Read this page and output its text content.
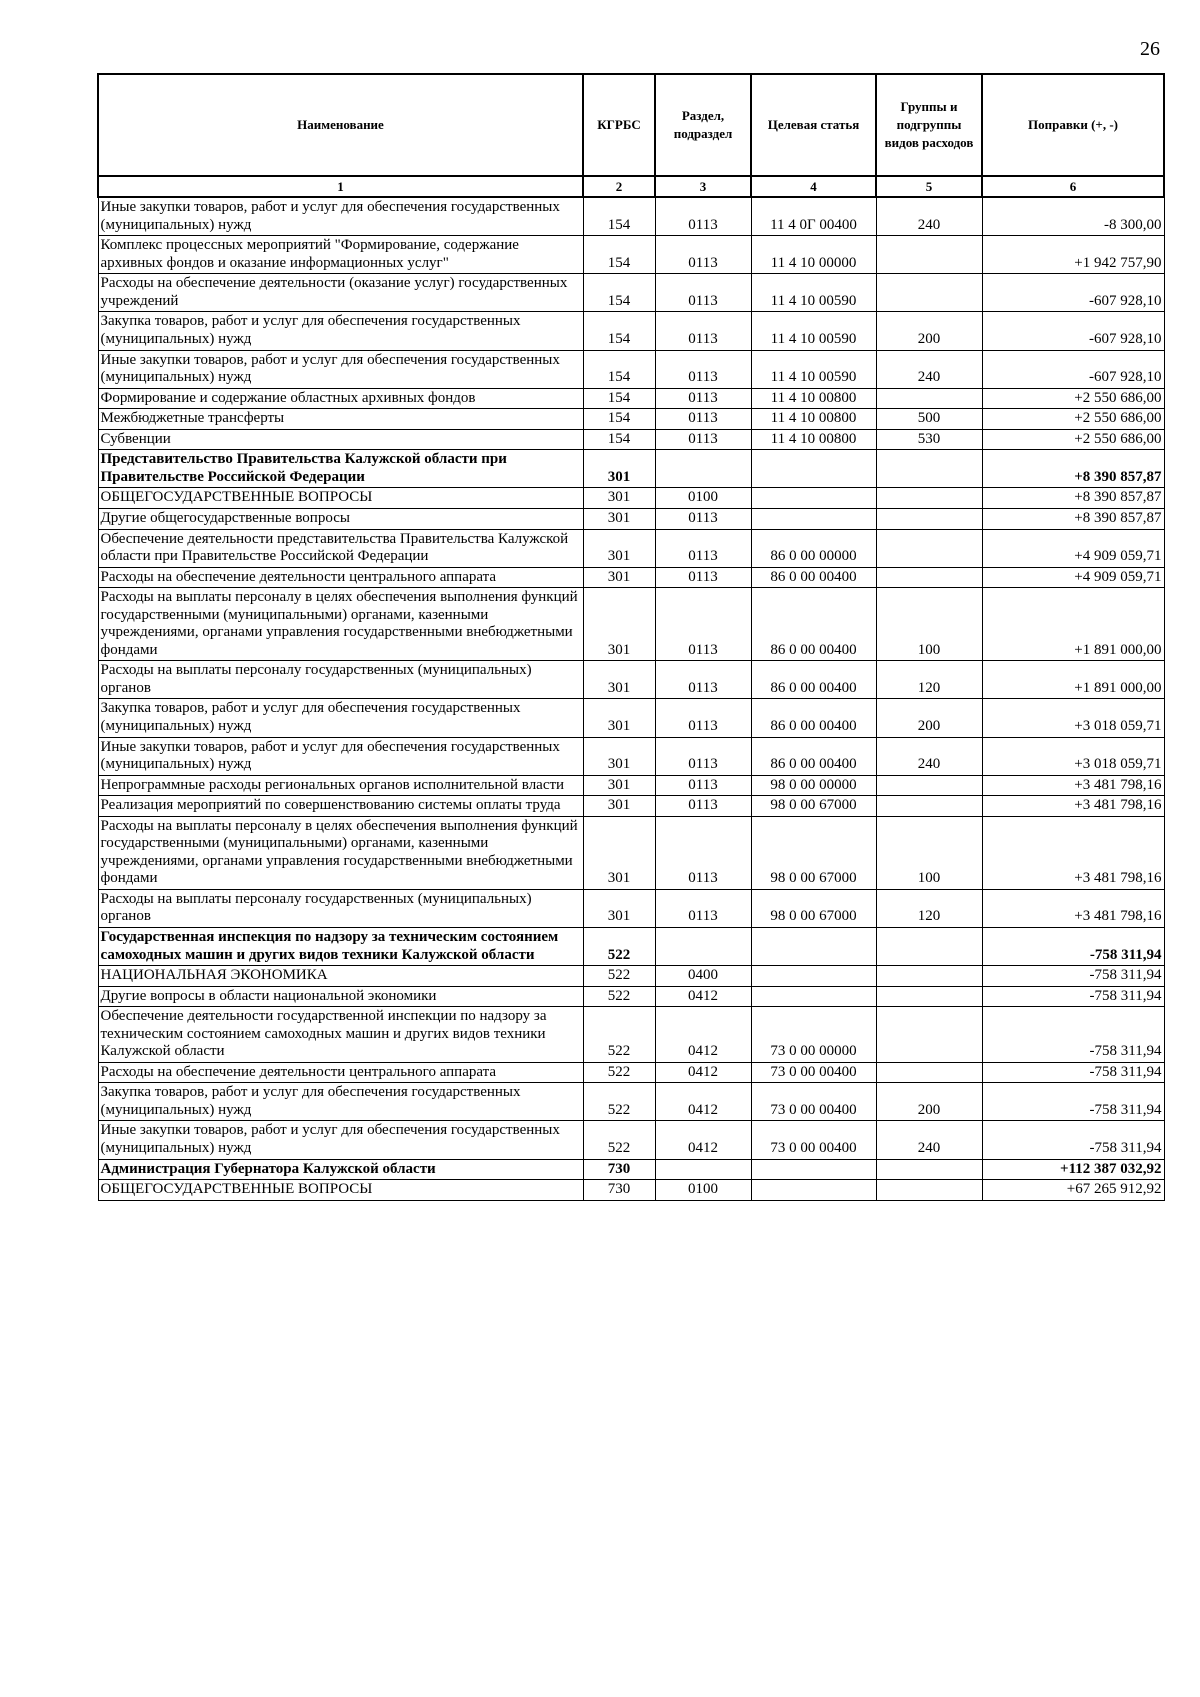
26
Наименование	КГРБС	Раздел, подраздел	Целевая статья	Группы и подгруппы видов расходов	Поправки (+, -)
1	2	3	4	5	6
Иные закупки товаров, работ и услуг для обеспечения государственных (муниципальных) нужд	154	0113	11 4 0Г 00400	240	-8 300,00
Комплекс процессных мероприятий "Формирование, содержание архивных фондов и оказание информационных услуг"	154	0113	11 4 10 00000		+1 942 757,90
Расходы на обеспечение деятельности (оказание услуг) государственных учреждений	154	0113	11 4 10 00590		-607 928,10
Закупка товаров, работ и услуг для обеспечения государственных (муниципальных) нужд	154	0113	11 4 10 00590	200	-607 928,10
Иные закупки товаров, работ и услуг для обеспечения государственных (муниципальных) нужд	154	0113	11 4 10 00590	240	-607 928,10
Формирование и содержание областных архивных фондов	154	0113	11 4 10 00800		+2 550 686,00
Межбюджетные трансферты	154	0113	11 4 10 00800	500	+2 550 686,00
Субвенции	154	0113	11 4 10 00800	530	+2 550 686,00
Представительство Правительства Калужской области при Правительстве Российской Федерации	301				+8 390 857,87
ОБЩЕГОСУДАРСТВЕННЫЕ ВОПРОСЫ	301	0100			+8 390 857,87
Другие общегосударственные вопросы	301	0113			+8 390 857,87
Обеспечение деятельности представительства Правительства Калужской области при Правительстве Российской Федерации	301	0113	86 0 00 00000		+4 909 059,71
Расходы на обеспечение деятельности центрального аппарата	301	0113	86 0 00 00400		+4 909 059,71
Расходы на выплаты персоналу в целях обеспечения выполнения функций государственными (муниципальными) органами, казенными учреждениями, органами управления государственными внебюджетными фондами	301	0113	86 0 00 00400	100	+1 891 000,00
Расходы на выплаты персоналу государственных (муниципальных) органов	301	0113	86 0 00 00400	120	+1 891 000,00
Закупка товаров, работ и услуг для обеспечения государственных (муниципальных) нужд	301	0113	86 0 00 00400	200	+3 018 059,71
Иные закупки товаров, работ и услуг для обеспечения государственных (муниципальных) нужд	301	0113	86 0 00 00400	240	+3 018 059,71
Непрограммные расходы региональных органов исполнительной власти	301	0113	98 0 00 00000		+3 481 798,16
Реализация мероприятий по совершенствованию системы оплаты труда	301	0113	98 0 00 67000		+3 481 798,16
Расходы на выплаты персоналу в целях обеспечения выполнения функций государственными (муниципальными) органами, казенными учреждениями, органами управления государственными внебюджетными фондами	301	0113	98 0 00 67000	100	+3 481 798,16
Расходы на выплаты персоналу государственных (муниципальных) органов	301	0113	98 0 00 67000	120	+3 481 798,16
Государственная инспекция по надзору за техническим состоянием самоходных машин и других видов техники Калужской области	522				-758 311,94
НАЦИОНАЛЬНАЯ ЭКОНОМИКА	522	0400			-758 311,94
Другие вопросы в области национальной экономики	522	0412			-758 311,94
Обеспечение деятельности государственной инспекции по надзору за техническим состоянием самоходных машин и других видов техники Калужской области	522	0412	73 0 00 00000		-758 311,94
Расходы на обеспечение деятельности центрального аппарата	522	0412	73 0 00 00400		-758 311,94
Закупка товаров, работ и услуг для обеспечения государственных (муниципальных) нужд	522	0412	73 0 00 00400	200	-758 311,94
Иные закупки товаров, работ и услуг для обеспечения государственных (муниципальных) нужд	522	0412	73 0 00 00400	240	-758 311,94
Администрация Губернатора Калужской области	730				+112 387 032,92
ОБЩЕГОСУДАРСТВЕННЫЕ ВОПРОСЫ	730	0100			+67 265 912,92
